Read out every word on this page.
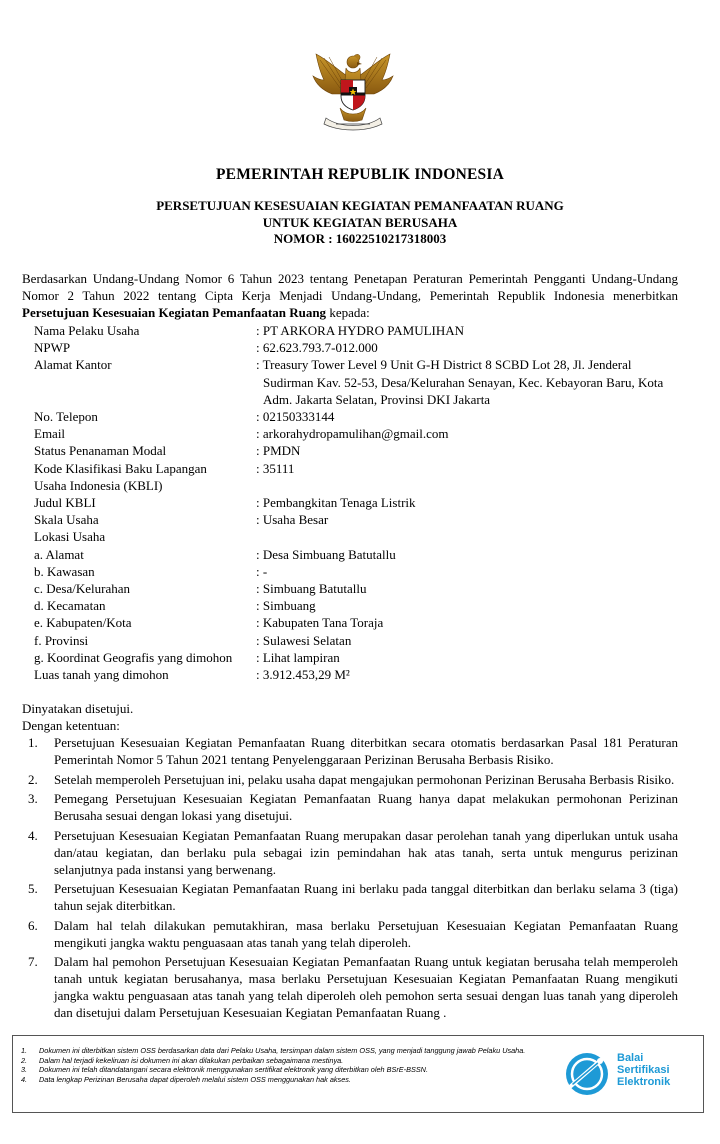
PEMERINTAH REPUBLIK INDONESIA
PERSETUJUAN KESESUAIAN KEGIATAN PEMANFAATAN RUANG
UNTUK KEGIATAN BERUSAHA
NOMOR : 16022510217318003
Berdasarkan Undang-Undang Nomor 6 Tahun 2023 tentang Penetapan Peraturan Pemerintah Pengganti Undang-Undang Nomor 2 Tahun 2022 tentang Cipta Kerja Menjadi Undang-Undang, Pemerintah Republik Indonesia menerbitkan Persetujuan Kesesuaian Kegiatan Pemanfaatan Ruang kepada:
Nama Pelaku Usaha	: PT ARKORA HYDRO PAMULIHAN
NPWP	: 62.623.793.7-012.000
Alamat Kantor	: Treasury Tower Level 9 Unit G-H District 8 SCBD Lot 28, Jl. Jenderal
Sudirman Kav. 52-53, Desa/Kelurahan Senayan, Kec. Kebayoran Baru, Kota
Adm. Jakarta Selatan, Provinsi DKI Jakarta
No. Telepon	: 02150333144
Email	: arkorahydropamulihan@gmail.com
Status Penanaman Modal	: PMDN
Kode Klasifikasi Baku Lapangan	: 35111
Usaha Indonesia (KBLI)
Judul KBLI	: Pembangkitan Tenaga Listrik
Skala Usaha	: Usaha Besar
Lokasi Usaha
a. Alamat	: Desa Simbuang Batutallu
b. Kawasan	: -
c. Desa/Kelurahan	: Simbuang Batutallu
d. Kecamatan	: Simbuang
e. Kabupaten/Kota	: Kabupaten Tana Toraja
f. Provinsi	: Sulawesi Selatan
g. Koordinat Geografis yang dimohon	: Lihat lampiran
Luas tanah yang dimohon	: 3.912.453,29 M²
Dinyatakan disetujui.
Dengan ketentuan:
1.	Persetujuan Kesesuaian Kegiatan Pemanfaatan Ruang diterbitkan secara otomatis berdasarkan Pasal 181 Peraturan Pemerintah Nomor 5 Tahun 2021 tentang Penyelenggaraan Perizinan Berusaha Berbasis Risiko.
2.	Setelah memperoleh Persetujuan ini, pelaku usaha dapat mengajukan permohonan Perizinan Berusaha Berbasis Risiko.
3.	Pemegang Persetujuan Kesesuaian Kegiatan Pemanfaatan Ruang hanya dapat melakukan permohonan Perizinan Berusaha sesuai dengan lokasi yang disetujui.
4.	Persetujuan Kesesuaian Kegiatan Pemanfaatan Ruang merupakan dasar perolehan tanah yang diperlukan untuk usaha dan/atau kegiatan, dan berlaku pula sebagai izin pemindahan hak atas tanah, serta untuk mengurus perizinan selanjutnya pada instansi yang berwenang.
5.	Persetujuan Kesesuaian Kegiatan Pemanfaatan Ruang ini berlaku pada tanggal diterbitkan dan berlaku selama 3 (tiga) tahun sejak diterbitkan.
6.	Dalam hal telah dilakukan pemutakhiran, masa berlaku Persetujuan Kesesuaian Kegiatan Pemanfaatan Ruang mengikuti jangka waktu penguasaan atas tanah yang telah diperoleh.
7.	Dalam hal pemohon Persetujuan Kesesuaian Kegiatan Pemanfaatan Ruang untuk kegiatan berusaha telah memperoleh tanah untuk kegiatan berusahanya, masa berlaku Persetujuan Kesesuaian Kegiatan Pemanfaatan Ruang mengikuti jangka waktu penguasaan atas tanah yang telah diperoleh oleh pemohon serta sesuai dengan luas tanah yang diperoleh dan disetujui dalam Persetujuan Kesesuaian Kegiatan Pemanfaatan Ruang .
1.	Dokumen ini diterbitkan sistem OSS berdasarkan data dari Pelaku Usaha, tersimpan dalam sistem OSS, yang menjadi tanggung jawab Pelaku Usaha.
2.	Dalam hal terjadi kekeliruan isi dokumen ini akan dilakukan perbaikan sebagaimana mestinya.
3.	Dokumen ini telah ditandatangani secara elektronik menggunakan sertifikat elektronik yang diterbitkan oleh BSrE-BSSN.
4.	Data lengkap Perizinan Berusaha dapat diperoleh melalui sistem OSS menggunakan hak akses.
Balai
Sertifikasi
Elektronik
